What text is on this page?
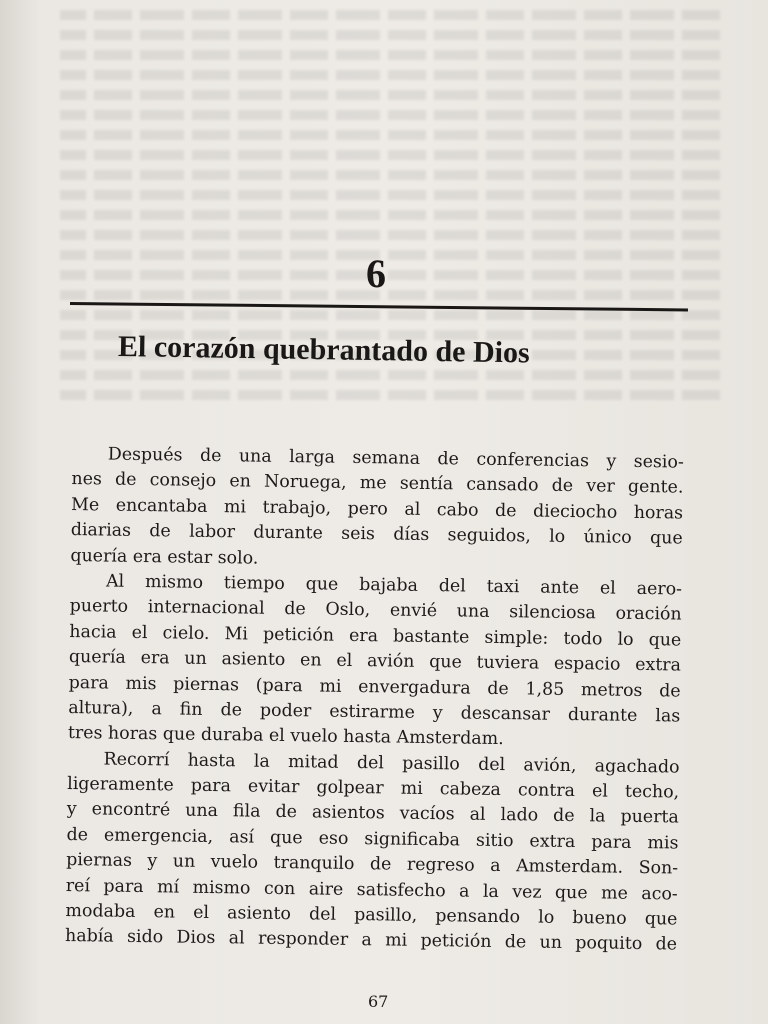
6
El corazón quebrantado de Dios
Después de una larga semana de conferencias y sesio-
nes de consejo en Noruega, me sentía cansado de ver gente.
Me encantaba mi trabajo, pero al cabo de dieciocho horas
diarias de labor durante seis días seguidos, lo único que
quería era estar solo.
Al mismo tiempo que bajaba del taxi ante el aero-
puerto internacional de Oslo, envié una silenciosa oración
hacia el cielo. Mi petición era bastante simple: todo lo que
quería era un asiento en el avión que tuviera espacio extra
para mis piernas (para mi envergadura de 1,85 metros de
altura), a fin de poder estirarme y descansar durante las
tres horas que duraba el vuelo hasta Amsterdam.
Recorrí hasta la mitad del pasillo del avión, agachado
ligeramente para evitar golpear mi cabeza contra el techo,
y encontré una fila de asientos vacíos al lado de la puerta
de emergencia, así que eso significaba sitio extra para mis
piernas y un vuelo tranquilo de regreso a Amsterdam. Son-
reí para mí mismo con aire satisfecho a la vez que me aco-
modaba en el asiento del pasillo, pensando lo bueno que
había sido Dios al responder a mi petición de un poquito de
67
